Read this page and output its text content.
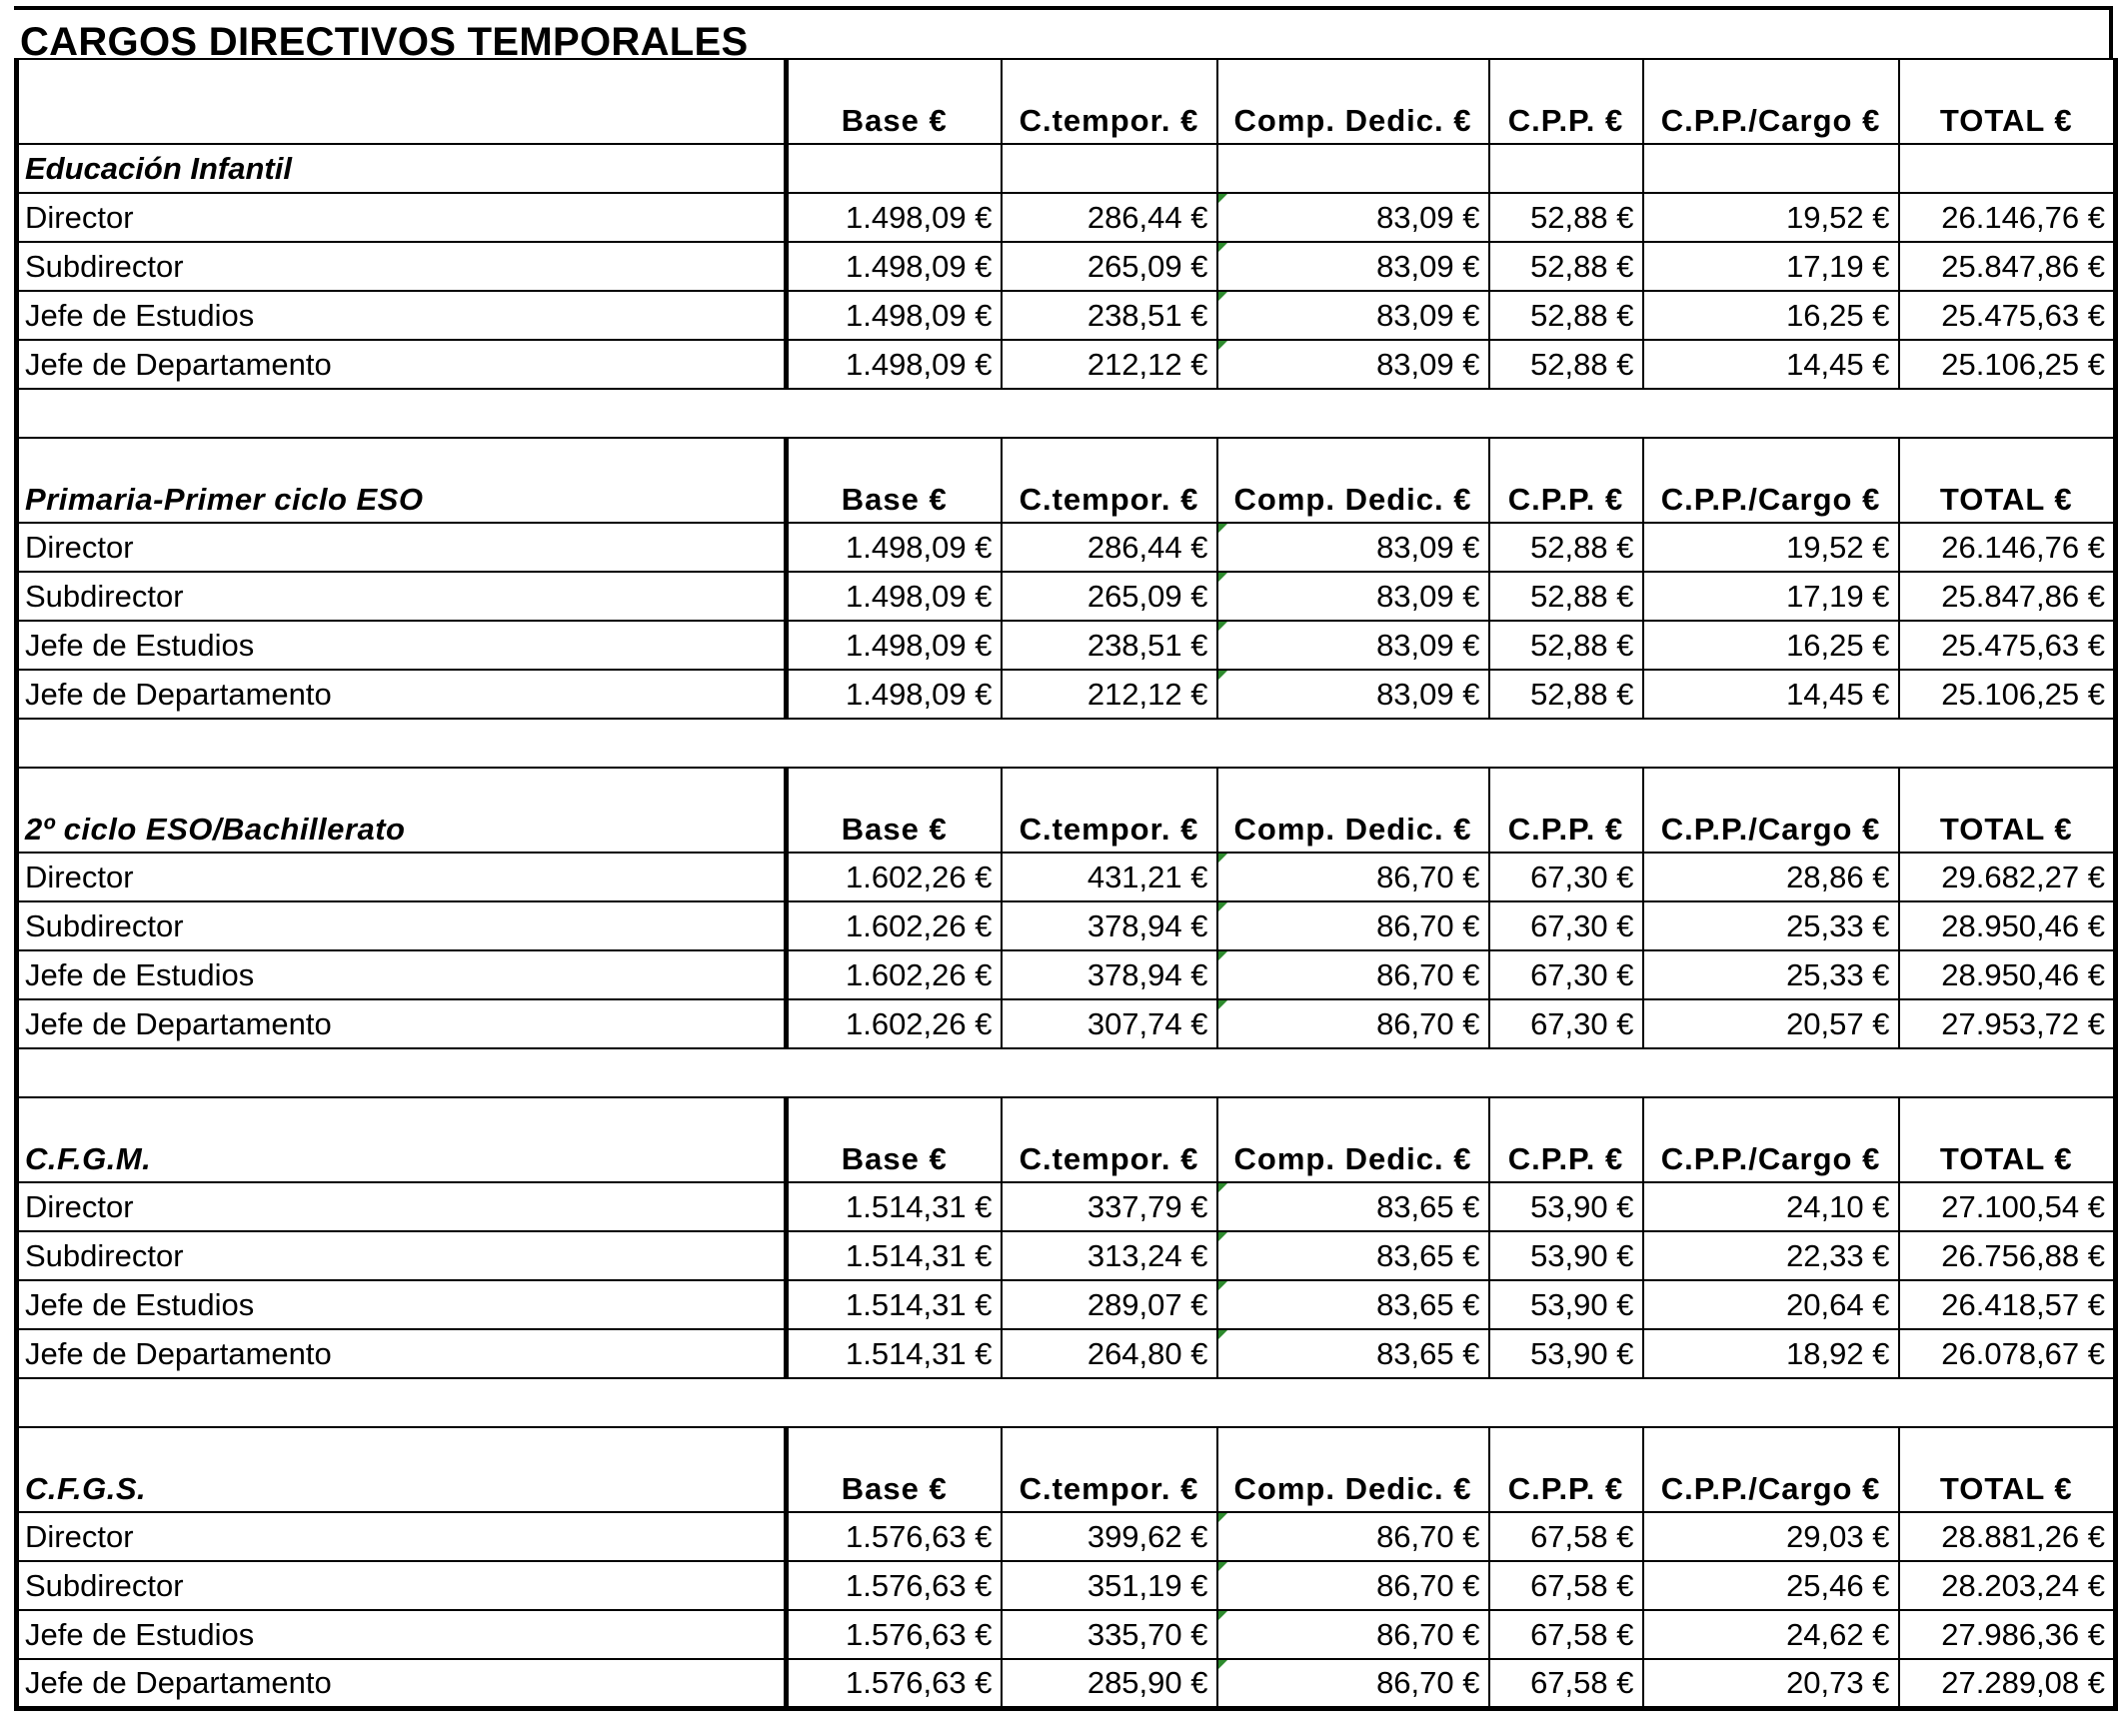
CARGOS DIRECTIVOS TEMPORALES
	Base €	C.tempor. €	Comp. Dedic. €	C.P.P. €	C.P.P./Cargo €	TOTAL €
Educación Infantil						
Director	1.498,09 €	286,44 €	83,09 €	52,88 €	19,52 €	26.146,76 €
Subdirector	1.498,09 €	265,09 €	83,09 €	52,88 €	17,19 €	25.847,86 €
Jefe de Estudios	1.498,09 €	238,51 €	83,09 €	52,88 €	16,25 €	25.475,63 €
Jefe de Departamento	1.498,09 €	212,12 €	83,09 €	52,88 €	14,45 €	25.106,25 €

Primaria-Primer ciclo ESO	Base €	C.tempor. €	Comp. Dedic. €	C.P.P. €	C.P.P./Cargo €	TOTAL €
Director	1.498,09 €	286,44 €	83,09 €	52,88 €	19,52 €	26.146,76 €
Subdirector	1.498,09 €	265,09 €	83,09 €	52,88 €	17,19 €	25.847,86 €
Jefe de Estudios	1.498,09 €	238,51 €	83,09 €	52,88 €	16,25 €	25.475,63 €
Jefe de Departamento	1.498,09 €	212,12 €	83,09 €	52,88 €	14,45 €	25.106,25 €

2º ciclo ESO/Bachillerato	Base €	C.tempor. €	Comp. Dedic. €	C.P.P. €	C.P.P./Cargo €	TOTAL €
Director	1.602,26 €	431,21 €	86,70 €	67,30 €	28,86 €	29.682,27 €
Subdirector	1.602,26 €	378,94 €	86,70 €	67,30 €	25,33 €	28.950,46 €
Jefe de Estudios	1.602,26 €	378,94 €	86,70 €	67,30 €	25,33 €	28.950,46 €
Jefe de Departamento	1.602,26 €	307,74 €	86,70 €	67,30 €	20,57 €	27.953,72 €

C.F.G.M.	Base €	C.tempor. €	Comp. Dedic. €	C.P.P. €	C.P.P./Cargo €	TOTAL €
Director	1.514,31 €	337,79 €	83,65 €	53,90 €	24,10 €	27.100,54 €
Subdirector	1.514,31 €	313,24 €	83,65 €	53,90 €	22,33 €	26.756,88 €
Jefe de Estudios	1.514,31 €	289,07 €	83,65 €	53,90 €	20,64 €	26.418,57 €
Jefe de Departamento	1.514,31 €	264,80 €	83,65 €	53,90 €	18,92 €	26.078,67 €

C.F.G.S.	Base €	C.tempor. €	Comp. Dedic. €	C.P.P. €	C.P.P./Cargo €	TOTAL €
Director	1.576,63 €	399,62 €	86,70 €	67,58 €	29,03 €	28.881,26 €
Subdirector	1.576,63 €	351,19 €	86,70 €	67,58 €	25,46 €	28.203,24 €
Jefe de Estudios	1.576,63 €	335,70 €	86,70 €	67,58 €	24,62 €	27.986,36 €
Jefe de Departamento	1.576,63 €	285,90 €	86,70 €	67,58 €	20,73 €	27.289,08 €
